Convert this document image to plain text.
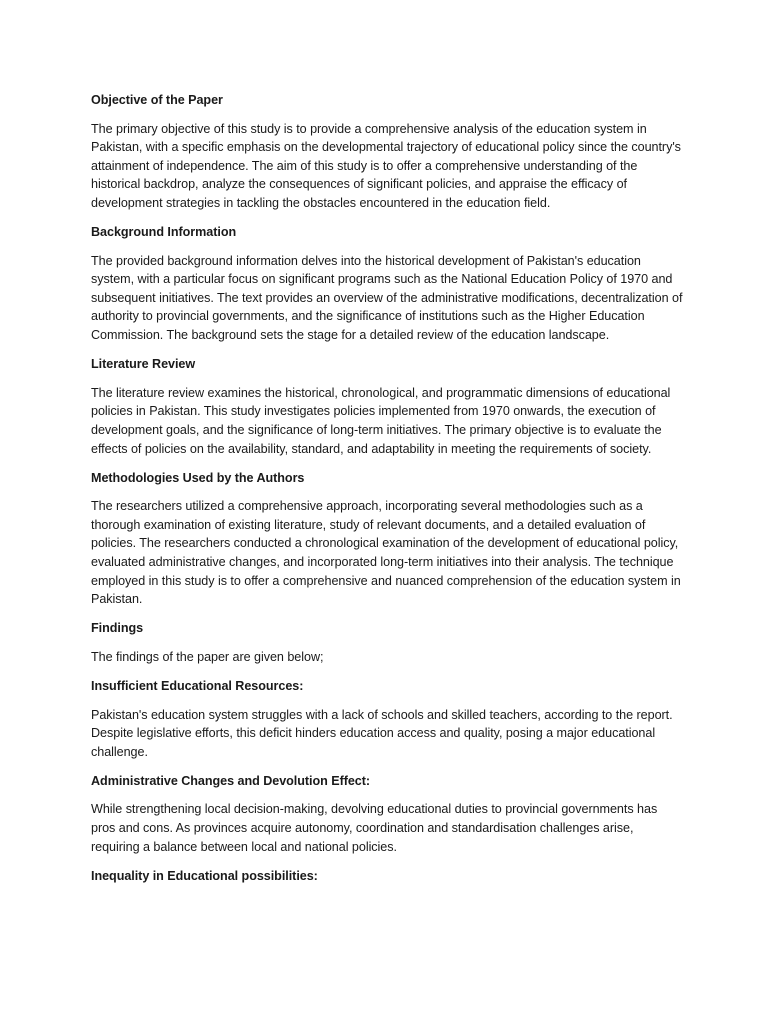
Objective of the Paper
The primary objective of this study is to provide a comprehensive analysis of the education system in Pakistan, with a specific emphasis on the developmental trajectory of educational policy since the country's attainment of independence. The aim of this study is to offer a comprehensive understanding of the historical backdrop, analyze the consequences of significant policies, and appraise the efficacy of development strategies in tackling the obstacles encountered in the education field.
Background Information
The provided background information delves into the historical development of Pakistan's education system, with a particular focus on significant programs such as the National Education Policy of 1970 and subsequent initiatives. The text provides an overview of the administrative modifications, decentralization of authority to provincial governments, and the significance of institutions such as the Higher Education Commission. The background sets the stage for a detailed review of the education landscape.
Literature Review
The literature review examines the historical, chronological, and programmatic dimensions of educational policies in Pakistan. This study investigates policies implemented from 1970 onwards, the execution of development goals, and the significance of long-term initiatives. The primary objective is to evaluate the effects of policies on the availability, standard, and adaptability in meeting the requirements of society.
Methodologies Used by the Authors
The researchers utilized a comprehensive approach, incorporating several methodologies such as a thorough examination of existing literature, study of relevant documents, and a detailed evaluation of policies. The researchers conducted a chronological examination of the development of educational policy, evaluated administrative changes, and incorporated long-term initiatives into their analysis. The technique employed in this study is to offer a comprehensive and nuanced comprehension of the education system in Pakistan.
Findings
The findings of the paper are given below;
Insufficient Educational Resources:
Pakistan's education system struggles with a lack of schools and skilled teachers, according to the report. Despite legislative efforts, this deficit hinders education access and quality, posing a major educational challenge.
Administrative Changes and Devolution Effect:
While strengthening local decision-making, devolving educational duties to provincial governments has pros and cons. As provinces acquire autonomy, coordination and standardisation challenges arise, requiring a balance between local and national policies.
Inequality in Educational possibilities:
